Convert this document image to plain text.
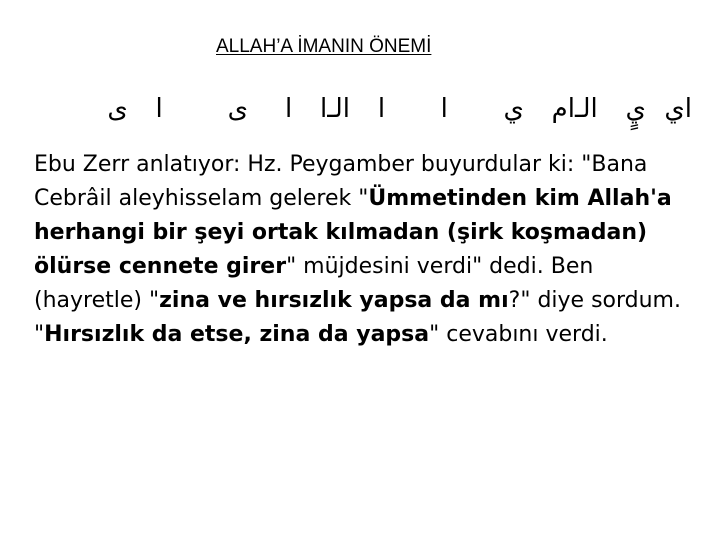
ALLAH’A İMANIN ÖNEMİ
اي  يٍ   الـام   ي      ا      ا   الـا   ا    ى       ا   ى
Ebu Zerr anlatıyor: Hz. Peygamber buyurdular ki: "Bana Cebrâil aleyhisselam gelerek "Ümmetinden kim Allah'a herhangi bir şeyi ortak kılmadan (şirk koşmadan) ölürse cennete girer" müjdesini verdi" dedi. Ben (hayretle) "zina ve hırsızlık yapsa da mı?" diye sordum. "Hırsızlık da etse, zina da yapsa" cevabını verdi.
